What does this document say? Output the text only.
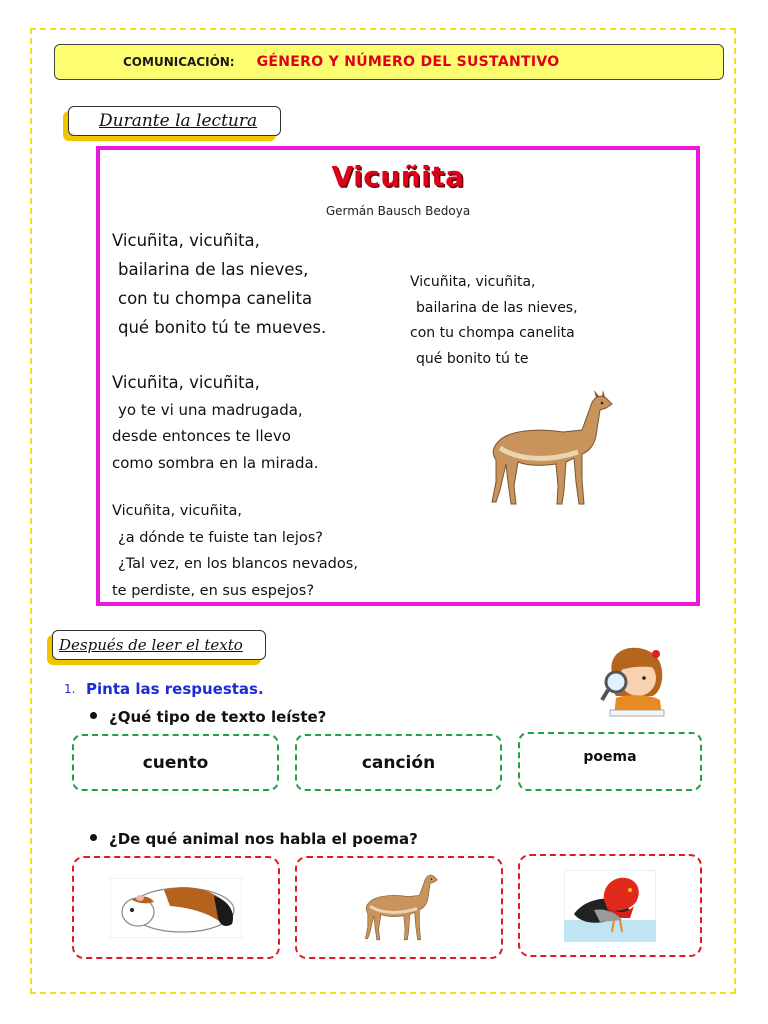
COMUNICACIÓN: GÉNERO Y NÚMERO DEL SUSTANTIVO
Durante la lectura
Vicuñita
Germán Bausch Bedoya
Vicuñita, vicuñita,
bailarina de las nieves,
con tu chompa canelita
qué bonito tú te mueves.
Vicuñita, vicuñita,
yo te vi una madrugada,
desde entonces te llevo
como sombra en la mirada.
Vicuñita, vicuñita,
¿a dónde te fuiste tan lejos?
¿Tal vez, en los blancos nevados,
te perdiste, en sus espejos?
Vicuñita, vicuñita,
bailarina de las nieves,
con tu chompa canelita
qué bonito tú te
Después de leer el texto
1. Pinta las respuestas.
¿Qué tipo de texto leíste?
cuento	canción	poema
¿De qué animal nos habla el poema?
